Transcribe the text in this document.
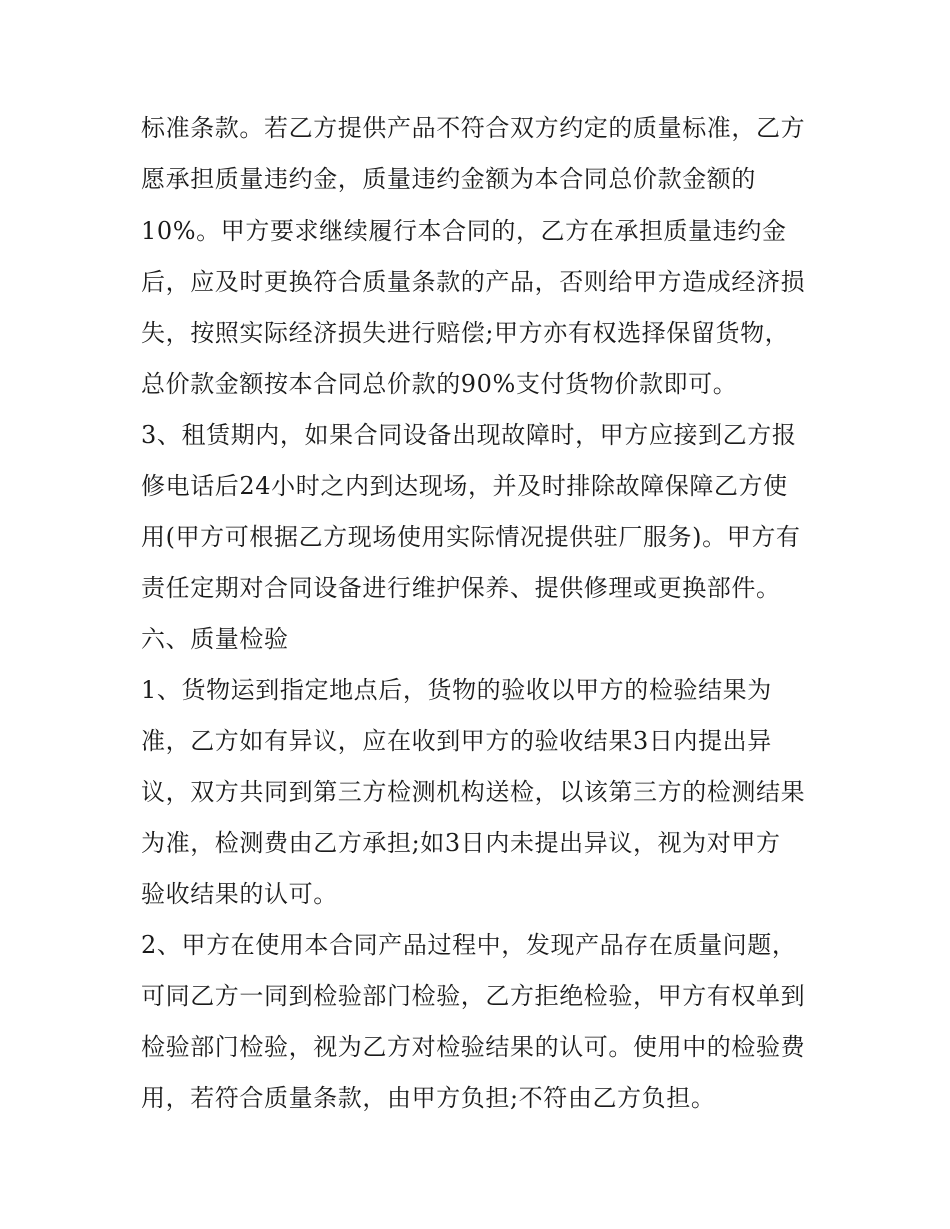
标准条款。若乙方提供产品不符合双方约定的质量标准，乙方
愿承担质量违约金，质量违约金额为本合同总价款金额的
10%。甲方要求继续履行本合同的，乙方在承担质量违约金
后，应及时更换符合质量条款的产品，否则给甲方造成经济损
失，按照实际经济损失进行赔偿;甲方亦有权选择保留货物，
总价款金额按本合同总价款的90%支付货物价款即可。
3、租赁期内，如果合同设备出现故障时，甲方应接到乙方报
修电话后24小时之内到达现场，并及时排除故障保障乙方使
用(甲方可根据乙方现场使用实际情况提供驻厂服务)。甲方有
责任定期对合同设备进行维护保养、提供修理或更换部件。
六、质量检验
1、货物运到指定地点后，货物的验收以甲方的检验结果为
准，乙方如有异议，应在收到甲方的验收结果3日内提出异
议，双方共同到第三方检测机构送检，以该第三方的检测结果
为准，检测费由乙方承担;如3日内未提出异议，视为对甲方
验收结果的认可。
2、甲方在使用本合同产品过程中，发现产品存在质量问题，
可同乙方一同到检验部门检验，乙方拒绝检验，甲方有权单到
检验部门检验，视为乙方对检验结果的认可。使用中的检验费
用，若符合质量条款，由甲方负担;不符由乙方负担。
